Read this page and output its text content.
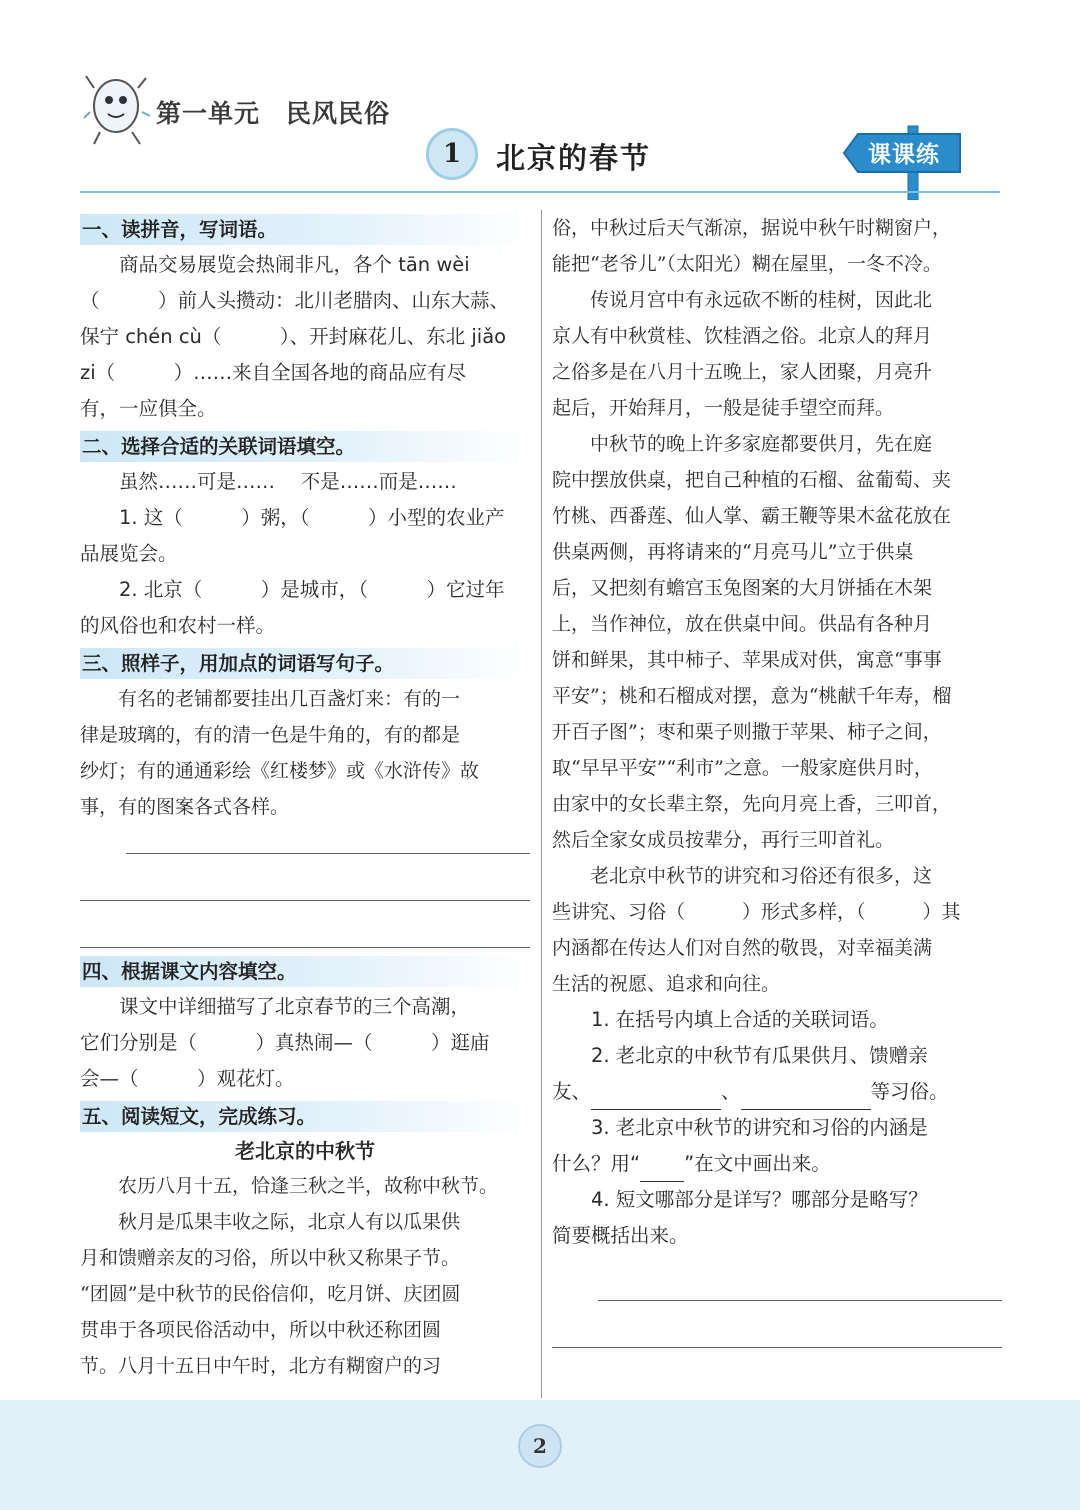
第一单元 民风民俗
1	北京的春节	课课练
一、读拼音，写词语。
商品交易展览会热闹非凡，各个 tān wèi
（　　　）前人头攒动：北川老腊肉、山东大蒜、
保宁 chén cù（　　　）、开封麻花儿、东北 jiǎo
zi（　　　）……来自全国各地的商品应有尽
有，一应俱全。
二、选择合适的关联词语填空。
虽然……可是……　 不是……而是……
1. 这（　　　）粥，（　　　）小型的农业产
品展览会。
2. 北京（　　　）是城市，（　　　）它过年
的风俗也和农村一样。
三、照样子，用加点的词语写句子。
有名的老铺都要挂出几百盏灯来：有的一
律是玻璃的，有的清一色是牛角的，有的都是
纱灯；有的通通彩绘《红楼梦》或《水浒传》故
事，有的图案各式各样。
四、根据课文内容填空。
课文中详细描写了北京春节的三个高潮，
它们分别是（　　　）真热闹—（　　　）逛庙
会—（　　　）观花灯。
五、阅读短文，完成练习。
老北京的中秋节
农历八月十五，恰逢三秋之半，故称中秋节。
秋月是瓜果丰收之际，北京人有以瓜果供
月和馈赠亲友的习俗，所以中秋又称果子节。
“团圆”是中秋节的民俗信仰，吃月饼、庆团圆
贯串于各项民俗活动中，所以中秋还称团圆
节。八月十五日中午时，北方有糊窗户的习
俗，中秋过后天气渐凉，据说中秋午时糊窗户，
能把“老爷儿”（太阳光）糊在屋里，一冬不冷。
传说月宫中有永远砍不断的桂树，因此北
京人有中秋赏桂、饮桂酒之俗。北京人的拜月
之俗多是在八月十五晚上，家人团聚，月亮升
起后，开始拜月，一般是徒手望空而拜。
中秋节的晚上许多家庭都要供月，先在庭
院中摆放供桌，把自己种植的石榴、盆葡萄、夹
竹桃、西番莲、仙人掌、霸王鞭等果木盆花放在
供桌两侧，再将请来的“月亮马儿”立于供桌
后，又把刻有蟾宫玉兔图案的大月饼插在木架
上，当作神位，放在供桌中间。供品有各种月
饼和鲜果，其中柿子、苹果成对供，寓意“事事
平安”；桃和石榴成对摆，意为“桃献千年寿，榴
开百子图”；枣和栗子则撒于苹果、柿子之间，
取“早早平安”“利市”之意。一般家庭供月时，
由家中的女长辈主祭，先向月亮上香，三叩首，
然后全家女成员按辈分，再行三叩首礼。
老北京中秋节的讲究和习俗还有很多，这
些讲究、习俗（　　　）形式多样，（　　　）其
内涵都在传达人们对自然的敬畏，对幸福美满
生活的祝愿、追求和向往。
1. 在括号内填上合适的关联词语。
2. 老北京的中秋节有瓜果供月、馈赠亲
友、	、	等习俗。
3. 老北京中秋节的讲究和习俗的内涵是
什么？用“ ”在文中画出来。
4. 短文哪部分是详写？哪部分是略写？
简要概括出来。
2
